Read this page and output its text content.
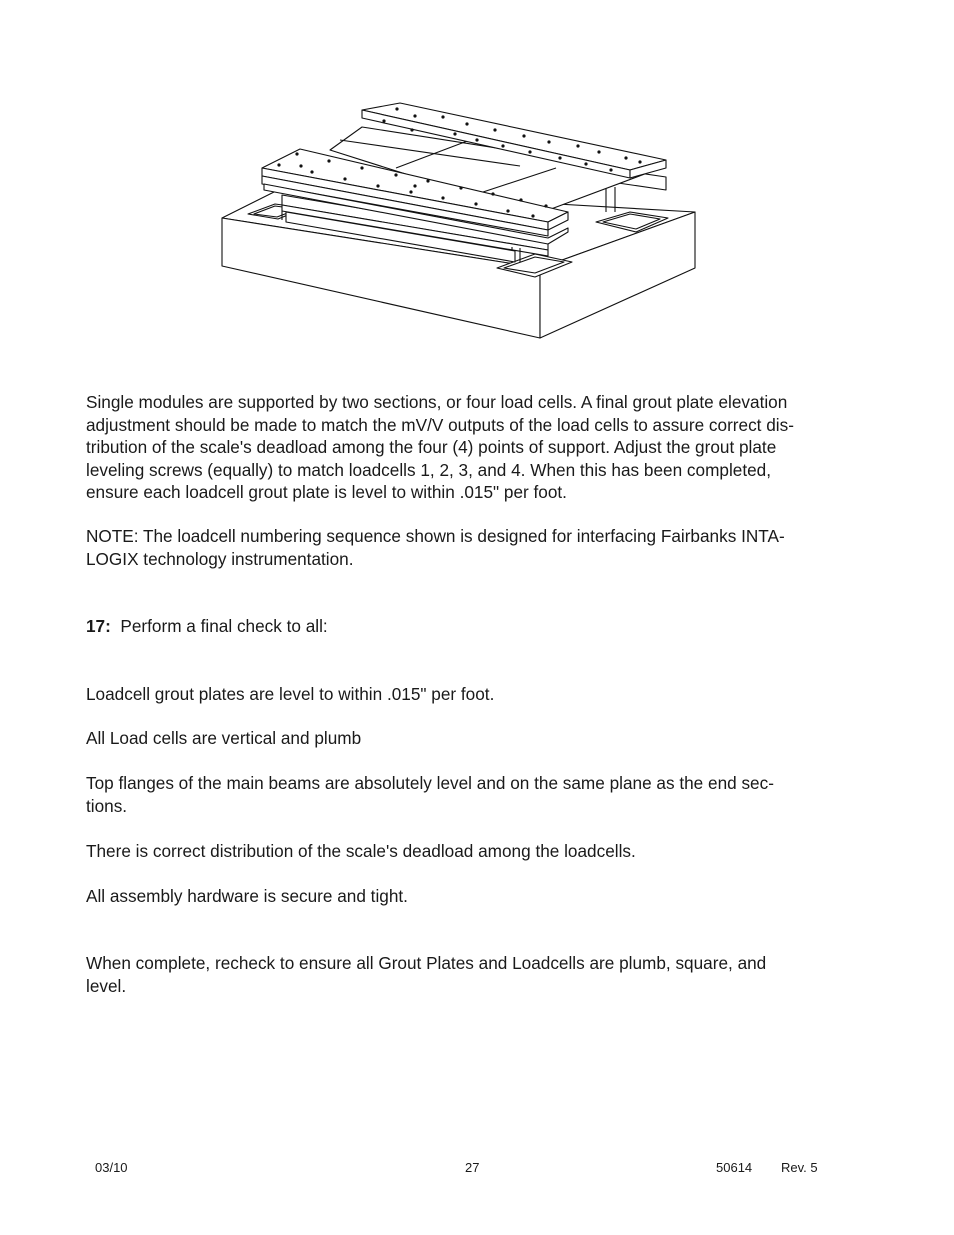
Single modules are supported by two sections, or four load cells. A final grout plate elevation
adjustment should be made to match the mV/V outputs of the load cells to assure correct dis-
tribution of the scale's deadload among the four (4) points of support. Adjust the grout plate
leveling screws (equally) to match loadcells 1, 2, 3, and 4. When this has been completed,
ensure each loadcell grout plate is level to within .015" per foot.
NOTE: The loadcell numbering sequence shown is designed for interfacing Fairbanks INTA-
LOGIX technology instrumentation.
17: Perform a final check to all:
Loadcell grout plates are level to within .015" per foot.
All Load cells are vertical and plumb
Top flanges of the main beams are absolutely level and on the same plane as the end sec-
tions.
There is correct distribution of the scale's deadload among the loadcells.
All assembly hardware is secure and tight.
When complete, recheck to ensure all Grout Plates and Loadcells are plumb, square, and
level.
03/10	27	50614 Rev. 5
